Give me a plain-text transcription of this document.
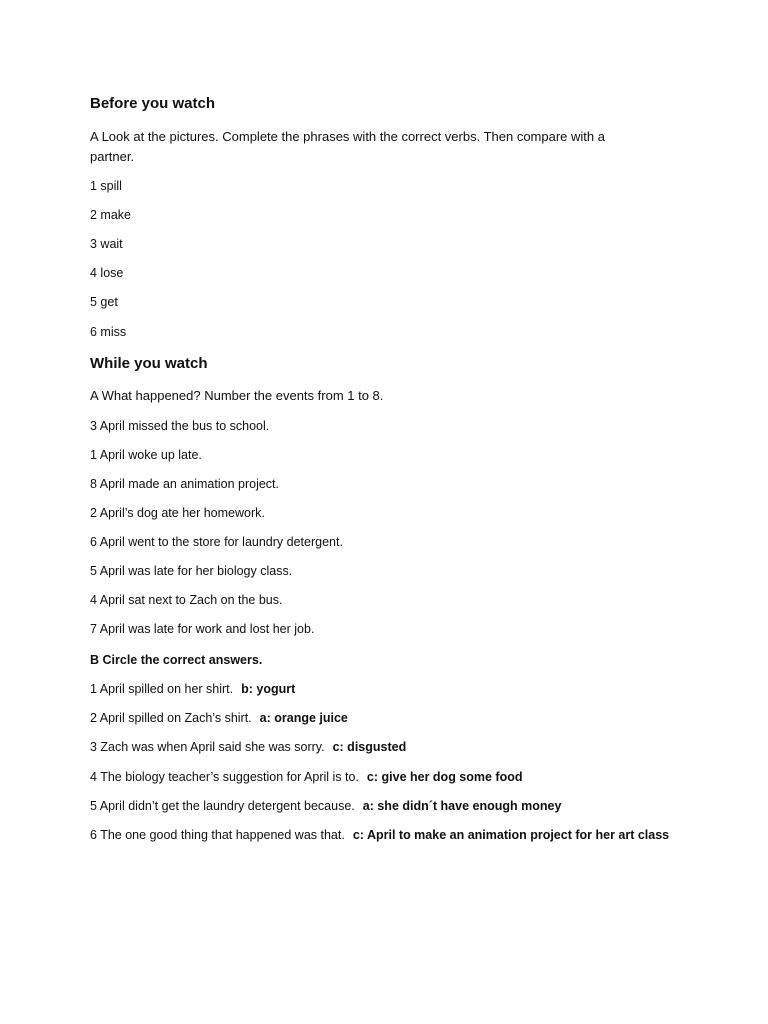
Before you watch
A Look at the pictures. Complete the phrases with the correct verbs. Then compare with a partner.
1 spill
2 make
3 wait
4 lose
5 get
6 miss
While you watch
A What happened? Number the events from 1 to 8.
3 April missed the bus to school.
1 April woke up late.
8 April made an animation project.
2 April’s dog ate her homework.
6 April went to the store for laundry detergent.
5 April was late for her biology class.
4 April sat next to Zach on the bus.
7 April was late for work and lost her job.
B Circle the correct answers.
1 April spilled on her shirt. b: yogurt
2 April spilled on Zach’s shirt. a: orange juice
3 Zach was when April said she was sorry. c: disgusted
4 The biology teacher’s suggestion for April is to. c: give her dog some food
5 April didn’t get the laundry detergent because. a: she didn´t have enough money
6 The one good thing that happened was that. c: April to make an animation project for her art class
